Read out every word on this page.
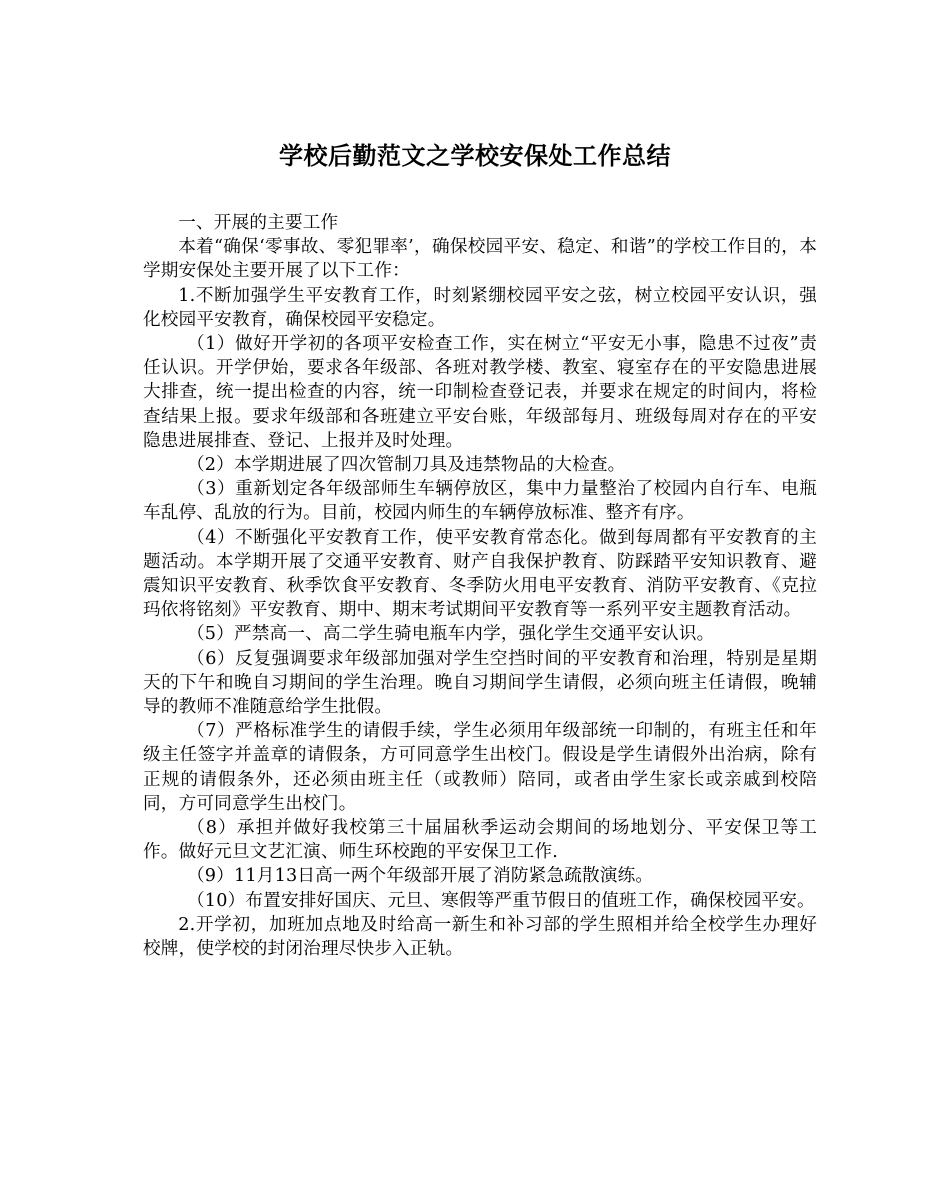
学校后勤范文之学校安保处工作总结

一、开展的主要工作

本着“确保‘零事故、零犯罪率’，确保校园平安、稳定、和谐”的学校工作目的，本学期安保处主要开展了以下工作：

1.不断加强学生平安教育工作，时刻紧绷校园平安之弦，树立校园平安认识，强化校园平安教育，确保校园平安稳定。

（1）做好开学初的各项平安检查工作，实在树立“平安无小事，隐患不过夜”责任认识。开学伊始，要求各年级部、各班对教学楼、教室、寝室存在的平安隐患进展大排查，统一提出检查的内容，统一印制检查登记表，并要求在规定的时间内，将检查结果上报。要求年级部和各班建立平安台账，年级部每月、班级每周对存在的平安隐患进展排查、登记、上报并及时处理。

（2）本学期进展了四次管制刀具及违禁物品的大检查。

（3）重新划定各年级部师生车辆停放区，集中力量整治了校园内自行车、电瓶车乱停、乱放的行为。目前，校园内师生的车辆停放标准、整齐有序。

（4）不断强化平安教育工作，使平安教育常态化。做到每周都有平安教育的主题活动。本学期开展了交通平安教育、财产自我保护教育、防踩踏平安知识教育、避震知识平安教育、秋季饮食平安教育、冬季防火用电平安教育、消防平安教育、《克拉玛依将铭刻》平安教育、期中、期末考试期间平安教育等一系列平安主题教育活动。

（5）严禁高一、高二学生骑电瓶车内学，强化学生交通平安认识。

（6）反复强调要求年级部加强对学生空挡时间的平安教育和治理，特别是星期天的下午和晚自习期间的学生治理。晚自习期间学生请假，必须向班主任请假，晚辅导的教师不准随意给学生批假。

（7）严格标准学生的请假手续，学生必须用年级部统一印制的，有班主任和年级主任签字并盖章的请假条，方可同意学生出校门。假设是学生请假外出治病，除有正规的请假条外，还必须由班主任（或教师）陪同，或者由学生家长或亲戚到校陪同，方可同意学生出校门。

（8）承担并做好我校第三十届届秋季运动会期间的场地划分、平安保卫等工作。做好元旦文艺汇演、师生环校跑的平安保卫工作.

（9）11月13日高一两个年级部开展了消防紧急疏散演练。

（10）布置安排好国庆、元旦、寒假等严重节假日的值班工作，确保校园平安。

2.开学初，加班加点地及时给高一新生和补习部的学生照相并给全校学生办理好校牌，使学校的封闭治理尽快步入正轨。
